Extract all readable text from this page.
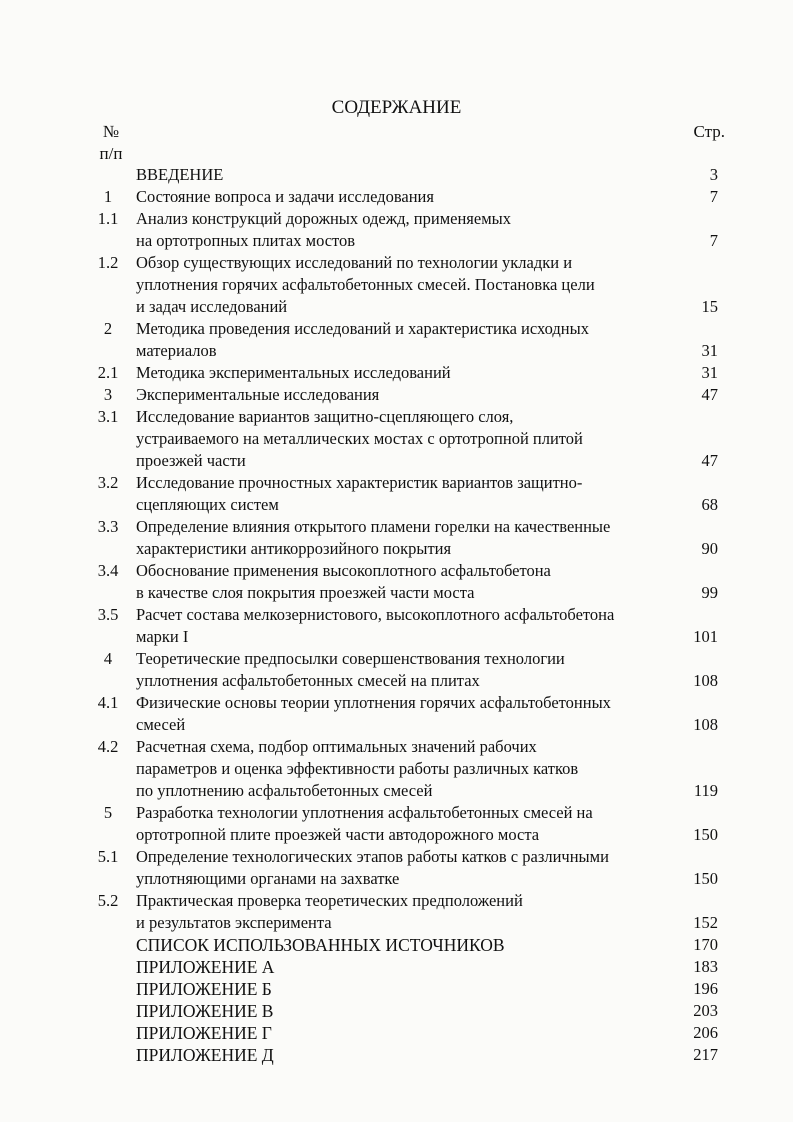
СОДЕРЖАНИЕ
№
п/п
Стр.
ВВЕДЕНИЕ	3
1	Состояние вопроса и задачи исследования	7
1.1	Анализ конструкций дорожных одежд, применяемых
на ортотропных плитах мостов	7
1.2	Обзор существующих исследований по технологии укладки и
уплотнения горячих асфальтобетонных смесей. Постановка цели
и задач исследований	15
2	Методика проведения исследований и характеристика исходных
материалов	31
2.1	Методика экспериментальных исследований	31
3	Экспериментальные исследования	47
3.1	Исследование вариантов защитно-сцепляющего слоя,
устраиваемого на металлических мостах с ортотропной плитой
проезжей части	47
3.2	Исследование прочностных характеристик вариантов защитно-
сцепляющих систем	68
3.3	Определение влияния открытого пламени горелки на качественные
характеристики антикоррозийного покрытия	90
3.4	Обоснование применения высокоплотного асфальтобетона
в качестве слоя покрытия проезжей части моста	99
3.5	Расчет состава мелкозернистового, высокоплотного асфальтобетона
марки I	101
4	Теоретические предпосылки совершенствования технологии
уплотнения асфальтобетонных смесей на плитах	108
4.1	Физические основы теории уплотнения горячих асфальтобетонных
смесей	108
4.2	Расчетная схема, подбор оптимальных значений рабочих
параметров и оценка эффективности работы различных катков
по уплотнению асфальтобетонных смесей	119
5	Разработка технологии уплотнения асфальтобетонных смесей на
ортотропной плите проезжей части автодорожного моста	150
5.1	Определение технологических этапов работы катков с различными
уплотняющими органами на захватке	150
5.2	Практическая проверка теоретических предположений
и результатов эксперимента	152
СПИСОК ИСПОЛЬЗОВАННЫХ ИСТОЧНИКОВ	170
ПРИЛОЖЕНИЕ А	183
ПРИЛОЖЕНИЕ Б	196
ПРИЛОЖЕНИЕ В	203
ПРИЛОЖЕНИЕ Г	206
ПРИЛОЖЕНИЕ Д	217
